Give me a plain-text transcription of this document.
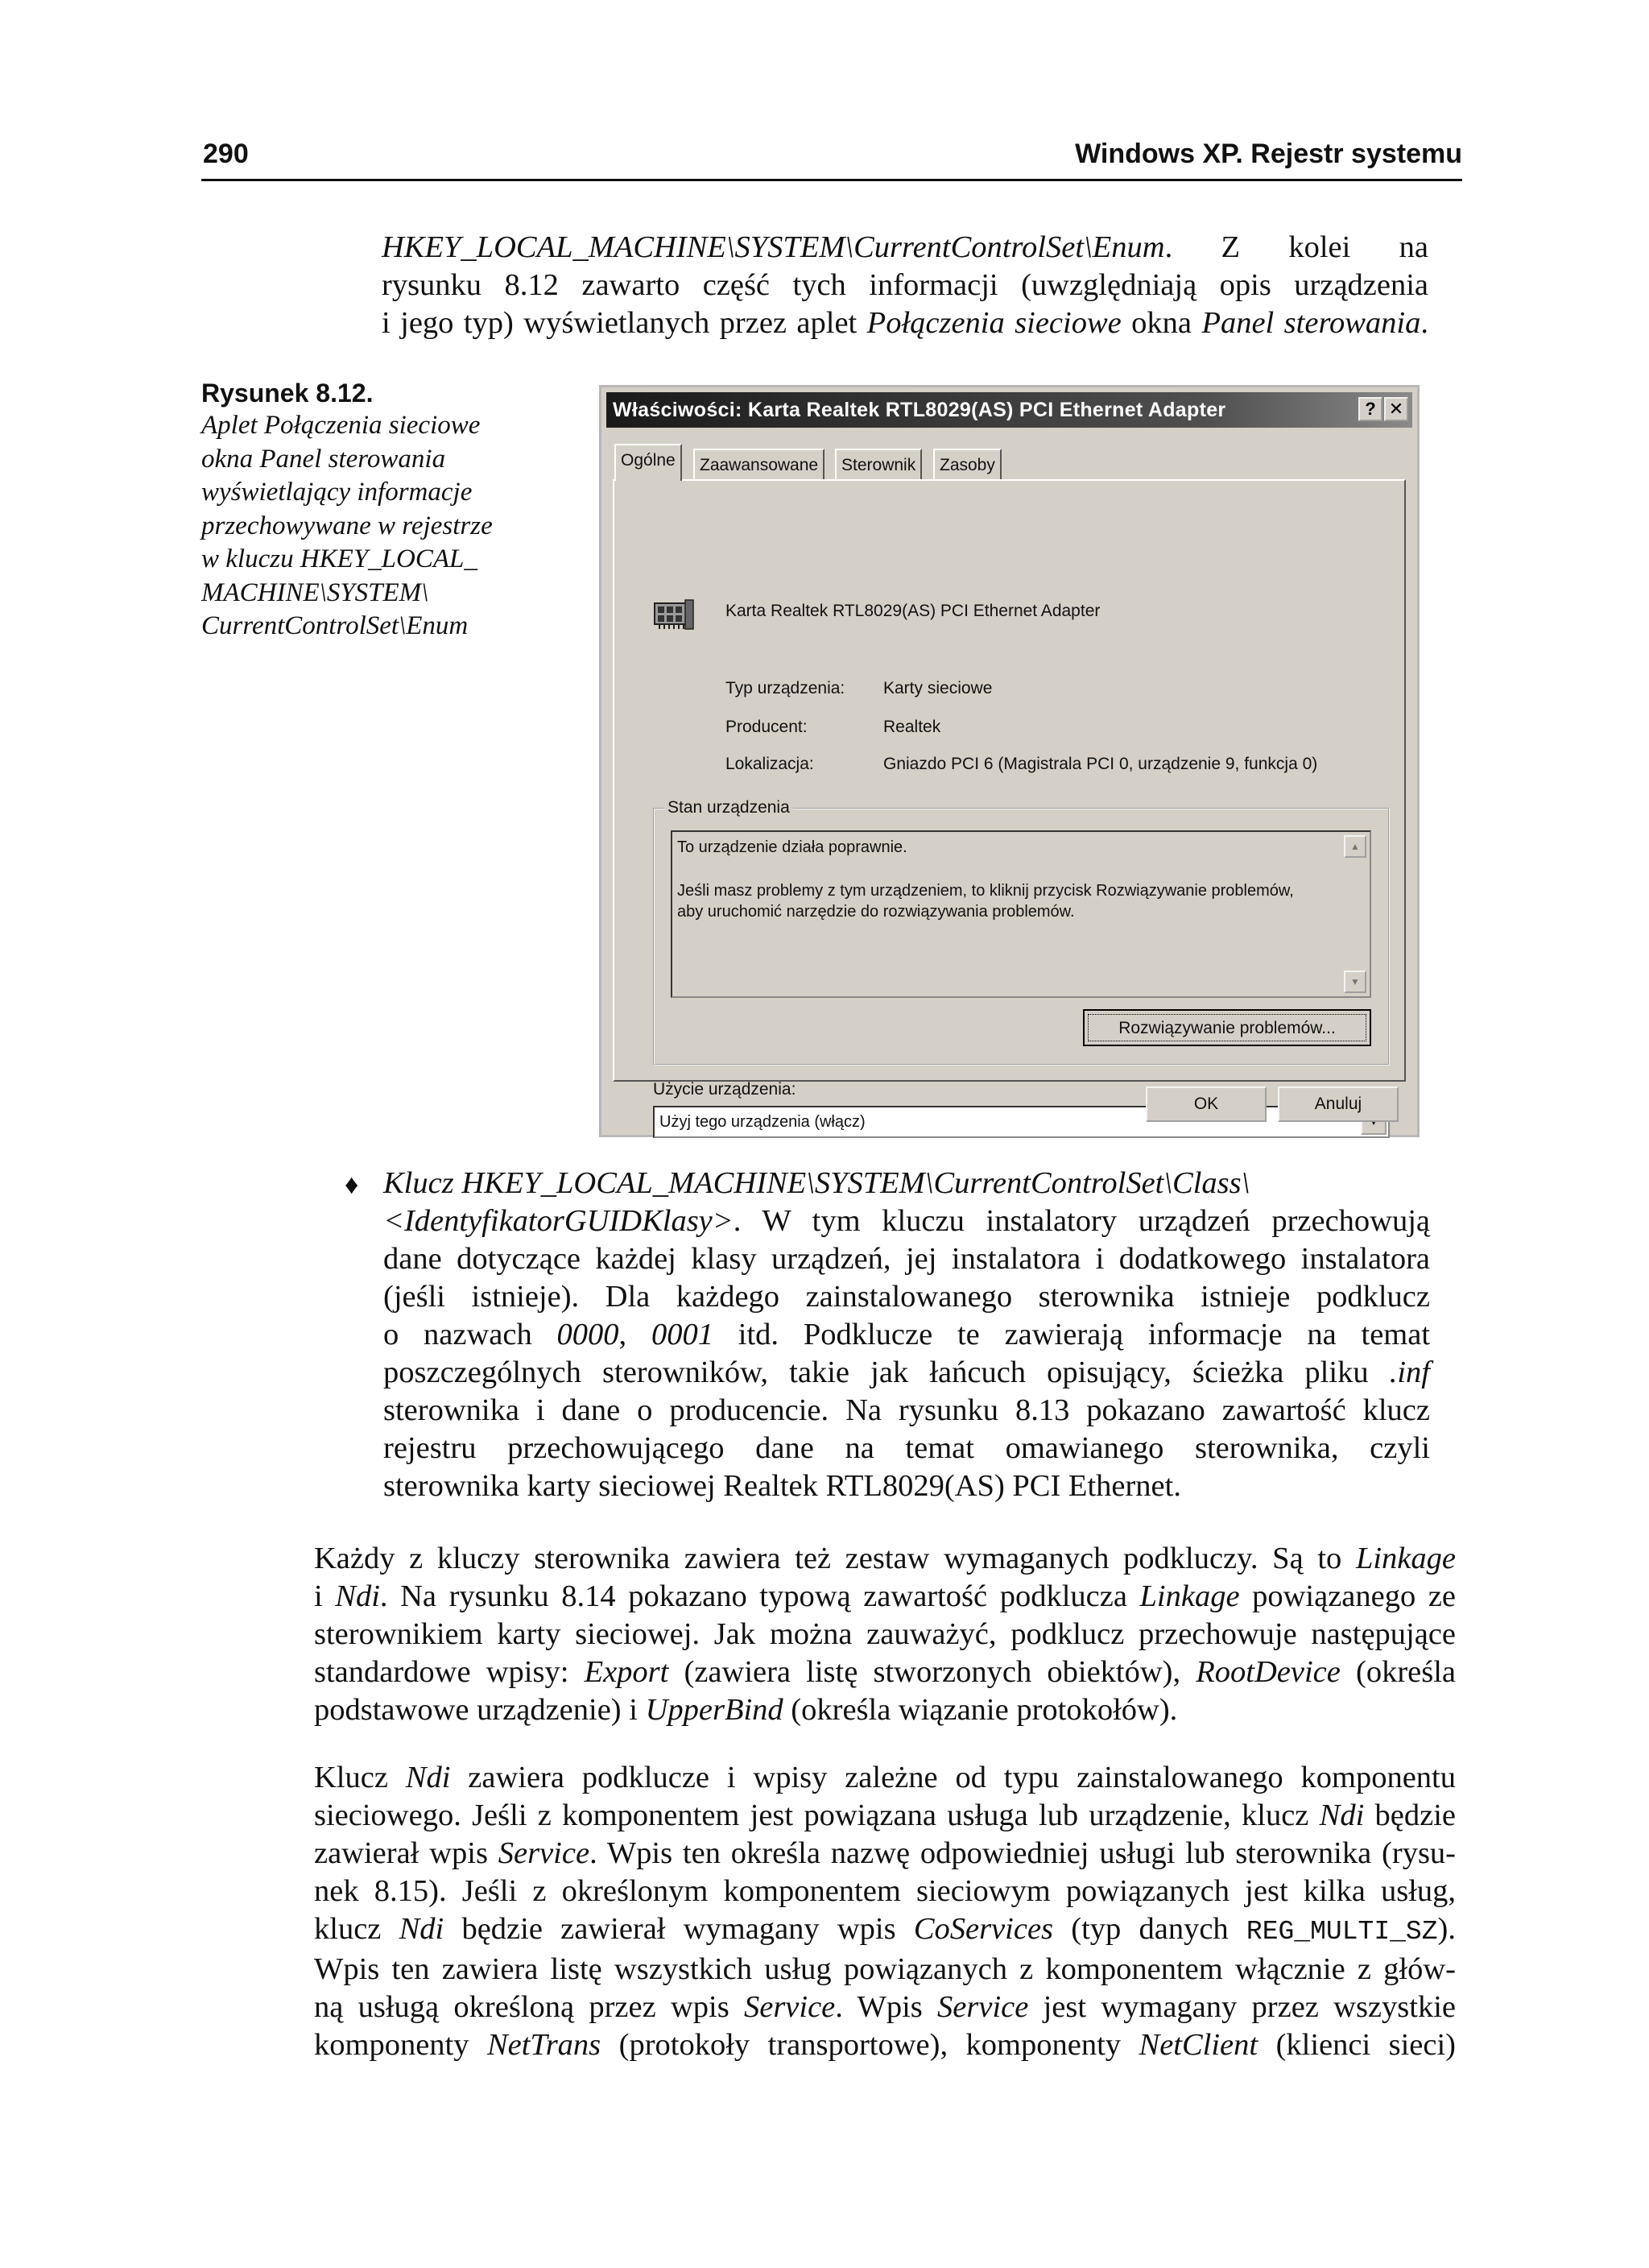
290	Windows XP. Rejestr systemu

HKEY_LOCAL_MACHINE\SYSTEM\CurrentControlSet\Enum. Z kolei na

rysunku 8.12 zawarto część tych informacji (uwzględniają opis urządzenia

i jego typ) wyświetlanych przez aplet Połączenia sieciowe okna Panel sterowania.

Rysunek 8.12.
Aplet Połączenia sieciowe
okna Panel sterowania
wyświetlający informacje
przechowywane w rejestrze
w kluczu HKEY_LOCAL_
MACHINE\SYSTEM\
CurrentControlSet\Enum
Właściwości: Karta Realtek RTL8029(AS) PCI Ethernet Adapter	? ✕
Ogólne	Zaawansowane	Sterownik	Zasoby
Karta Realtek RTL8029(AS) PCI Ethernet Adapter
Typ urządzenia: Karty sieciowe
Producent:	Realtek
Lokalizacja:	Gniazdo PCI 6 (Magistrala PCI 0, urządzenie 9, funkcja 0)
Stan urządzenia
To urządzenie działa poprawnie.
Jeśli masz problemy z tym urządzeniem, to kliknij przycisk Rozwiązywanie problemów, aby uruchomić narzędzie do rozwiązywania problemów.
▲
▼
Rozwiązywanie problemów...
Użycie urządzenia:
Użyj tego urządzenia (włącz)
OK	Anuluj
♦ Klucz HKEY_LOCAL_MACHINE\SYSTEM\CurrentControlSet\Class\

<IdentyfikatorGUIDKlasy>. W tym kluczu instalatory urządzeń przechowują

dane dotyczące każdej klasy urządzeń, jej instalatora i dodatkowego instalatora

(jeśli istnieje). Dla każdego zainstalowanego sterownika istnieje podklucz

o nazwach 0000, 0001 itd. Podklucze te zawierają informacje na temat

poszczególnych sterowników, takie jak łańcuch opisujący, ścieżka pliku .inf

sterownika i dane o producencie. Na rysunku 8.13 pokazano zawartość klucz

rejestru przechowującego dane na temat omawianego sterownika, czyli

sterownika karty sieciowej Realtek RTL8029(AS) PCI Ethernet.

Każdy z kluczy sterownika zawiera też zestaw wymaganych podkluczy. Są to Linkage

i Ndi. Na rysunku 8.14 pokazano typową zawartość podklucza Linkage powiązanego ze

sterownikiem karty sieciowej. Jak można zauważyć, podklucz przechowuje następujące

standardowe wpisy: Export (zawiera listę stworzonych obiektów), RootDevice (określa

podstawowe urządzenie) i UpperBind (określa wiązanie protokołów).

Klucz Ndi zawiera podklucze i wpisy zależne od typu zainstalowanego komponentu

sieciowego. Jeśli z komponentem jest powiązana usługa lub urządzenie, klucz Ndi będzie

zawierał wpis Service. Wpis ten określa nazwę odpowiedniej usługi lub sterownika (rysu-

nek 8.15). Jeśli z określonym komponentem sieciowym powiązanych jest kilka usług,

klucz Ndi będzie zawierał wymagany wpis CoServices (typ danych REG_MULTI_SZ).

Wpis ten zawiera listę wszystkich usług powiązanych z komponentem włącznie z głów-

ną usługą określoną przez wpis Service. Wpis Service jest wymagany przez wszystkie

komponenty NetTrans (protokoły transportowe), komponenty NetClient (klienci sieci)
